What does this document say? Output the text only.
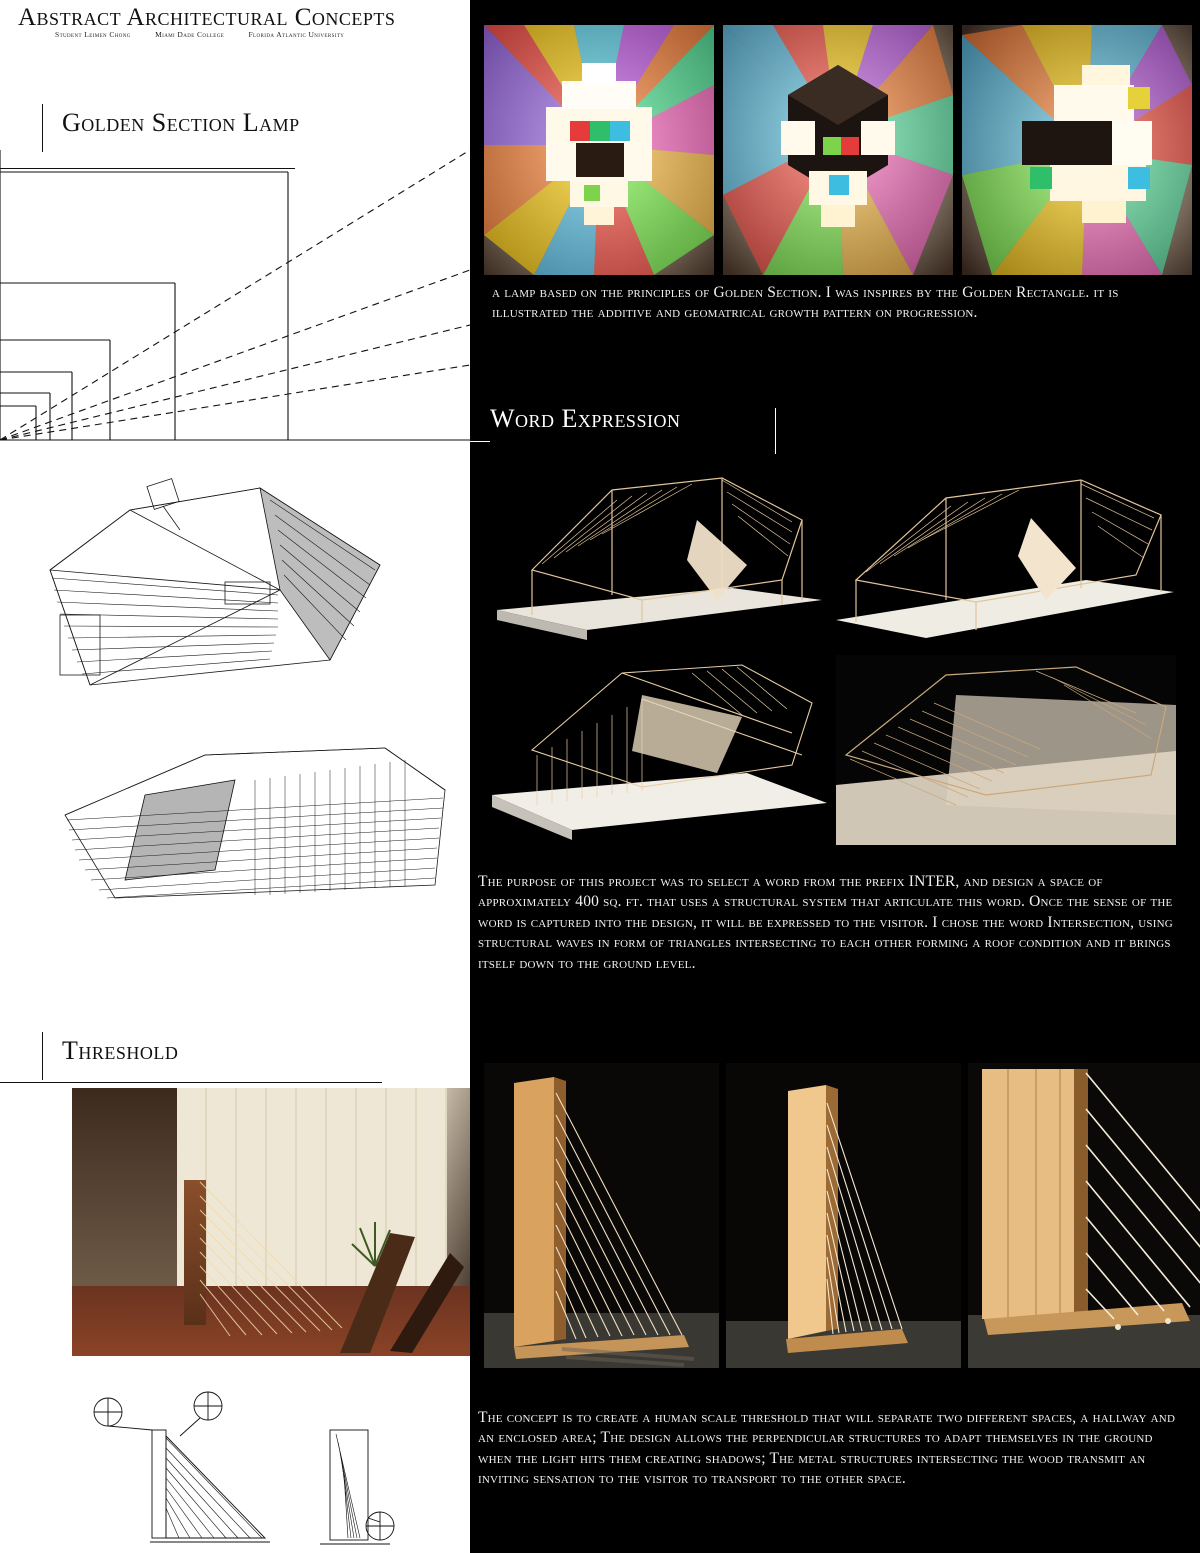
Abstract Architectural Concepts
Student Leimen Chong	Miami Dade College	Florida Atlantic University
Golden Section Lamp
Threshold
a lamp based on the principles of Golden Section. I was inspires by the Golden Rectangle. it is illustrated the additive and geomatrical growth pattern on progression.
Word Expression
The purpose of this project was to select a word from the prefix INTER, and design a space of approximately 400 sq. ft. that uses a structural system that articulate this word. Once the sense of the word is captured into the design, it will be expressed to the visitor. I chose the word Intersection, using structural waves in form of triangles intersecting to each other forming a roof condition and it brings itself down to the ground level.
The concept is to create a human scale threshold that will separate two different spaces, a hallway and an enclosed area; The design allows the perpendicular structures to adapt themselves in the ground when the light hits them creating shadows; The metal structures intersecting the wood transmit an inviting sensation to the visitor to transport to the other space.
